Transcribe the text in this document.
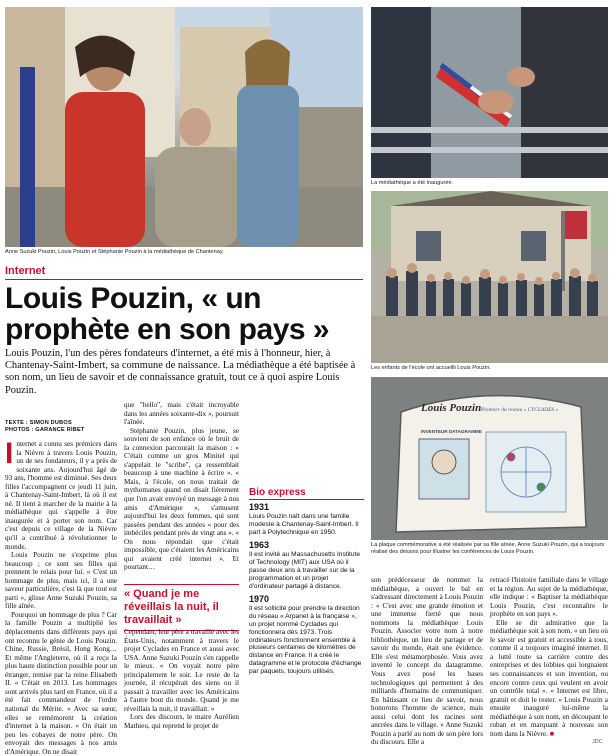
Anne Suzuki Pouzin, Louis Pouzin et Stéphanie Pouzin à la médiathèque de Chantenay.
La médiathèque a été inaugurée.
Les enfants de l'école ont accueilli Louis Pouzin.
Louis Pouzin Pionnier du réseau « CYCLADES »
INVENTEUR DATAGRAMME
La plaque commémorative a été réalisée par sa fille aînée, Anne Suzuki Pouzin, qui a toujours réalisé des dessins pour illustrer les conférences de Louis Pouzin.
Internet
Louis Pouzin, « un prophète en son pays »

Louis Pouzin, l'un des pères fondateurs d'internet, a été mis à l'honneur, hier, à Chantenay-Saint-Imbert, sa commune de naissance. La médiathèque a été baptisée à son nom, un lieu de savoir et de connaissance gratuit, tout ce à quoi aspire Louis Pouzin.

TEXTE : SIMON DUBOS
PHOTOS : GARANCE RIBET

Internet a connu ses prémices dans la Nièvre à travers Louis Pouzin, un de ses fondateurs, il y a près de soixante ans. Aujourd'hui âgé de 93 ans, l'homme est diminué. Ses deux filles l'accompagnent ce jeudi 11 juin, à Chantenay-Saint-Imbert, là où il est né. Il tient à marcher de la mairie à la médiathèque qui s'appelle à être inaugurée et à porter son nom. Car c'est depuis ce village de la Nièvre qu'il a contribué à révolutionner le monde.

Louis Pouzin ne s'exprime plus beaucoup ; ce sont ses filles qui prennent le relais pour lui. « C'est un hommage de plus, mais ici, il a une saveur particulière, c'est là que tout est parti », glisse Anne Suzuki Pouzin, sa fille aînée.

Pourquoi un hommage de plus ? Car la famille Pouzin a multiplié les déplacements dans différents pays qui ont reconnu le génie de Louis Pouzin. Chine, Russie, Brésil, Hong Kong… Et même l'Angleterre, où il a reçu la plus haute distinction possible pour un étranger, remise par la reine Elisabeth II. « C'était en 2013. Les hommages sont arrivés plus tard en France, où il a été fait commandeur de l'ordre national du Mérite. » Avec sa sœur, elles se remémorent la création d'internet à la maison. « On était un peu les cobayes de notre père. On envoyait des messages à nos amis d'Amérique. On ne disait

que "hello", mais c'était incroyable dans les années soixante-dix », poursuit l'aînée.

Stéphanie Pouzin, plus jeune, se souvient de son enfance où le bruit de la connexion parcourait la maison : « C'était comme un gros Minitel qui s'appelait le "scribe", ça ressemblait beaucoup à une machine à écrire ». « Mais, à l'école, on nous traitait de mythomanes quand on disait fièrement que l'on avait envoyé un message à nos amis d'Amérique », s'amusent aujourd'hui les deux femmes, qui sont passées pendant des années « pour des imbéciles pendant près de vingt ans ». « On nous répondait que c'était impossible, que c'étaient les Américains qui avaient créé internet ». Et pourtant…

« Quand je me réveillais la nuit, il travaillait »

Cependant, leur père a travaillé avec les États-Unis, notamment à travers le projet Cyclades en France et aussi avec USA. Anne Suzuki Pouzin s'en rappelle le mieux. « On voyait notre père principalement le soir. Le reste de la journée, il récupérait des siens ou il passait à travailler avec les Américains à l'autre bout du monde. Quand je me réveillais la nuit, il travaillait. »

Lors des discours, le maire Aurélien Mathieu, qui reprend le projet de

Bio express
1931
Louis Pouzin naît dans une famille modeste à Chantenay-Saint-Imbert. Il part à Polytechnique en 1950.
1963
Il est invité au Massachusetts Institute of Technology (MIT) aux USA où il passe deux ans à travailler sur de la programmation et un projet d'ordinateur partagé à distance.
1970
Il est sollicité pour prendre la direction du réseau « Arpanet à la française », un projet nommé Cyclades qui fonctionnera dès 1973. Trois ordinateurs fonctionnent ensemble à plusieurs centaines de kilomètres de distance en France. Il a créé le datagramme et le protocole d'échange par paquets, toujours utilisés.
son prédécesseur de nommer la médiathèque, a ouvert le bal en s'adressant directement à Louis Pouzin : « C'est avec une grande émotion et une immense fierté que nous nommons la médiathèque Louis Pouzin. Associer votre nom à notre bibliothèque, un lieu de partage et de savoir du monde, était une évidence. Elle s'est métamorphosée. Vous avez inventé le concept du datagramme. Vous avez posé les bases technologiques qui permettent à des milliards d'humains de communiquer. En bâtissant ce lieu de savoir, nous honorons l'homme de science, mais aussi celui dont les racines sont ancrées dans le village. » Anne Suzuki Pouzin a parlé au nom de son père lors du discours. Elle a

retracé l'histoire familiale dans le village et la région. Au sujet de la médiathèque, elle indique : « Baptiser la médiathèque Louis Pouzin, c'est reconnaître le prophète en son pays ».

Elle se dit admirative que la médiathèque soit à son nom. « un lieu où le savoir est gratuit et accessible à tous, comme il a toujours imaginé internet. Il a lutté toute sa carrière contre des entreprises et des lobbies qui lorgnaient ses connaissances et son invention, ou encore contre ceux qui veulent en avoir un contrôle total ». « Internet est libre, gratuit et doit le rester. » Louis Pouzin a ensuite inauguré lui-même la médiathèque à son nom, en découpant le ruban et en marquant à nouveau son nom dans la Nièvre. ■

JDC
